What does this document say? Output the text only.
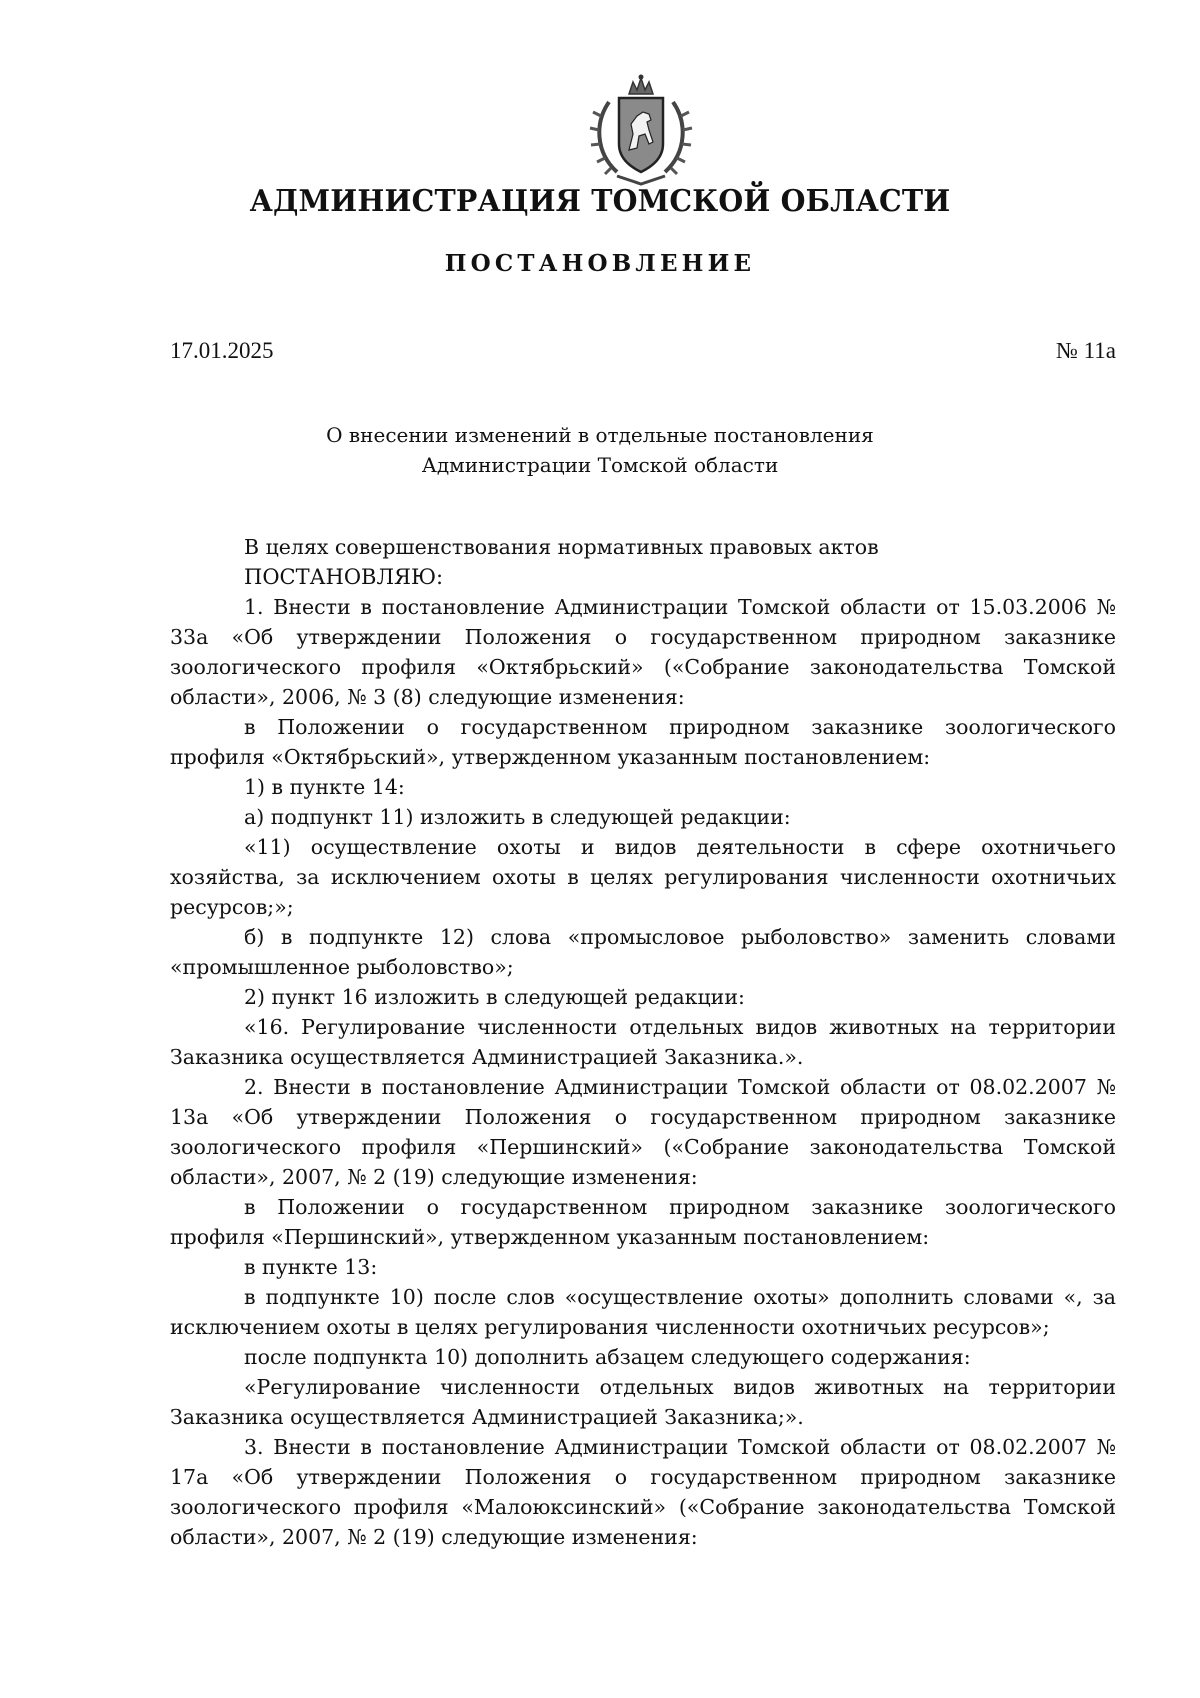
АДМИНИСТРАЦИЯ ТОМСКОЙ ОБЛАСТИ
ПОСТАНОВЛЕНИЕ
17.01.2025	№ 11а
О внесении изменений в отдельные постановления
Администрации Томской области

В целях совершенствования нормативных правовых актов

ПОСТАНОВЛЯЮ:

1. Внести в постановление Администрации Томской области от 15.03.2006 № 33а «Об утверждении Положения о государственном природном заказнике зоологического профиля «Октябрьский» («Собрание законодательства Томской области», 2006, № 3 (8) следующие изменения:

в Положении о государственном природном заказнике зоологического профиля «Октябрьский», утвержденном указанным постановлением:

1) в пункте 14:

а) подпункт 11) изложить в следующей редакции:

«11) осуществление охоты и видов деятельности в сфере охотничьего хозяйства, за исключением охоты в целях регулирования численности охотничьих ресурсов;»;

б) в подпункте 12) слова «промысловое рыболовство» заменить словами «промышленное рыболовство»;

2) пункт 16 изложить в следующей редакции:

«16. Регулирование численности отдельных видов животных на территории Заказника осуществляется Администрацией Заказника.».

2. Внести в постановление Администрации Томской области от 08.02.2007 № 13а «Об утверждении Положения о государственном природном заказнике зоологического профиля «Першинский» («Собрание законодательства Томской области», 2007, № 2 (19) следующие изменения:

в Положении о государственном природном заказнике зоологического профиля «Першинский», утвержденном указанным постановлением:

в пункте 13:

в подпункте 10) после слов «осуществление охоты» дополнить словами «, за исключением охоты в целях регулирования численности охотничьих ресурсов»;

после подпункта 10) дополнить абзацем следующего содержания:

«Регулирование численности отдельных видов животных на территории Заказника осуществляется Администрацией Заказника;».

3. Внести в постановление Администрации Томской области от 08.02.2007 № 17а «Об утверждении Положения о государственном природном заказнике зоологического профиля «Малоюксинский» («Собрание законодательства Томской области», 2007, № 2 (19) следующие изменения:
